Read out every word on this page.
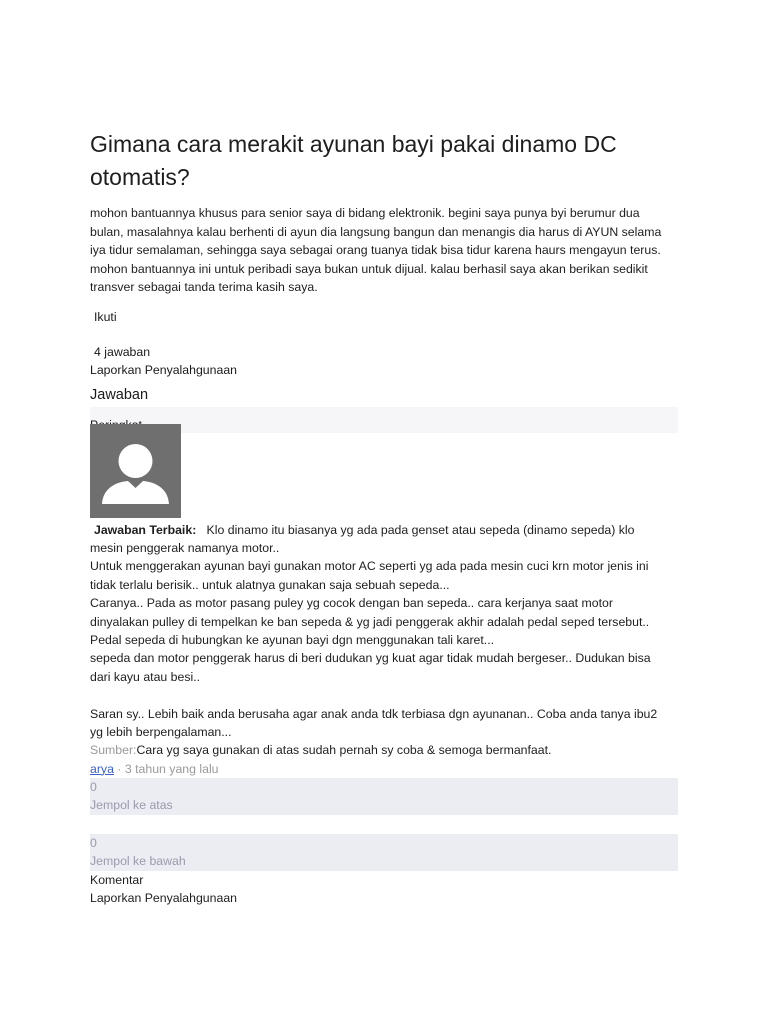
Gimana cara merakit ayunan bayi pakai dinamo DC otomatis?
mohon bantuannya khusus para senior saya di bidang elektronik. begini saya punya byi berumur dua
bulan, masalahnya kalau berhenti di ayun dia langsung bangun dan menangis dia harus di AYUN selama
iya tidur semalaman, sehingga saya sebagai orang tuanya tidak bisa tidur karena haurs mengayun terus.
mohon bantuannya ini untuk peribadi saya bukan untuk dijual. kalau berhasil saya akan berikan sedikit
transver sebagai tanda terima kasih saya.
Ikuti
4 jawaban
Laporkan Penyalahgunaan
Jawaban
Jawaban Terbaik: Klo dinamo itu biasanya yg ada pada genset atau sepeda (dinamo sepeda) klo
mesin penggerak namanya motor..
Untuk menggerakan ayunan bayi gunakan motor AC seperti yg ada pada mesin cuci krn motor jenis ini
tidak terlalu berisik.. untuk alatnya gunakan saja sebuah sepeda...
Caranya.. Pada as motor pasang puley yg cocok dengan ban sepeda.. cara kerjanya saat motor
dinyalakan pulley di tempelkan ke ban sepeda & yg jadi penggerak akhir adalah pedal seped tersebut..
Pedal sepeda di hubungkan ke ayunan bayi dgn menggunakan tali karet...
sepeda dan motor penggerak harus di beri dudukan yg kuat agar tidak mudah bergeser.. Dudukan bisa
dari kayu atau besi..
Saran sy.. Lebih baik anda berusaha agar anak anda tdk terbiasa dgn ayunanan.. Coba anda tanya ibu2
yg lebih berpengalaman...
Sumber:Cara yg saya gunakan di atas sudah pernah sy coba & semoga bermanfaat.
arya · 3 tahun yang lalu
0
Jempol ke atas
0
Jempol ke bawah
Komentar
Laporkan Penyalahgunaan
